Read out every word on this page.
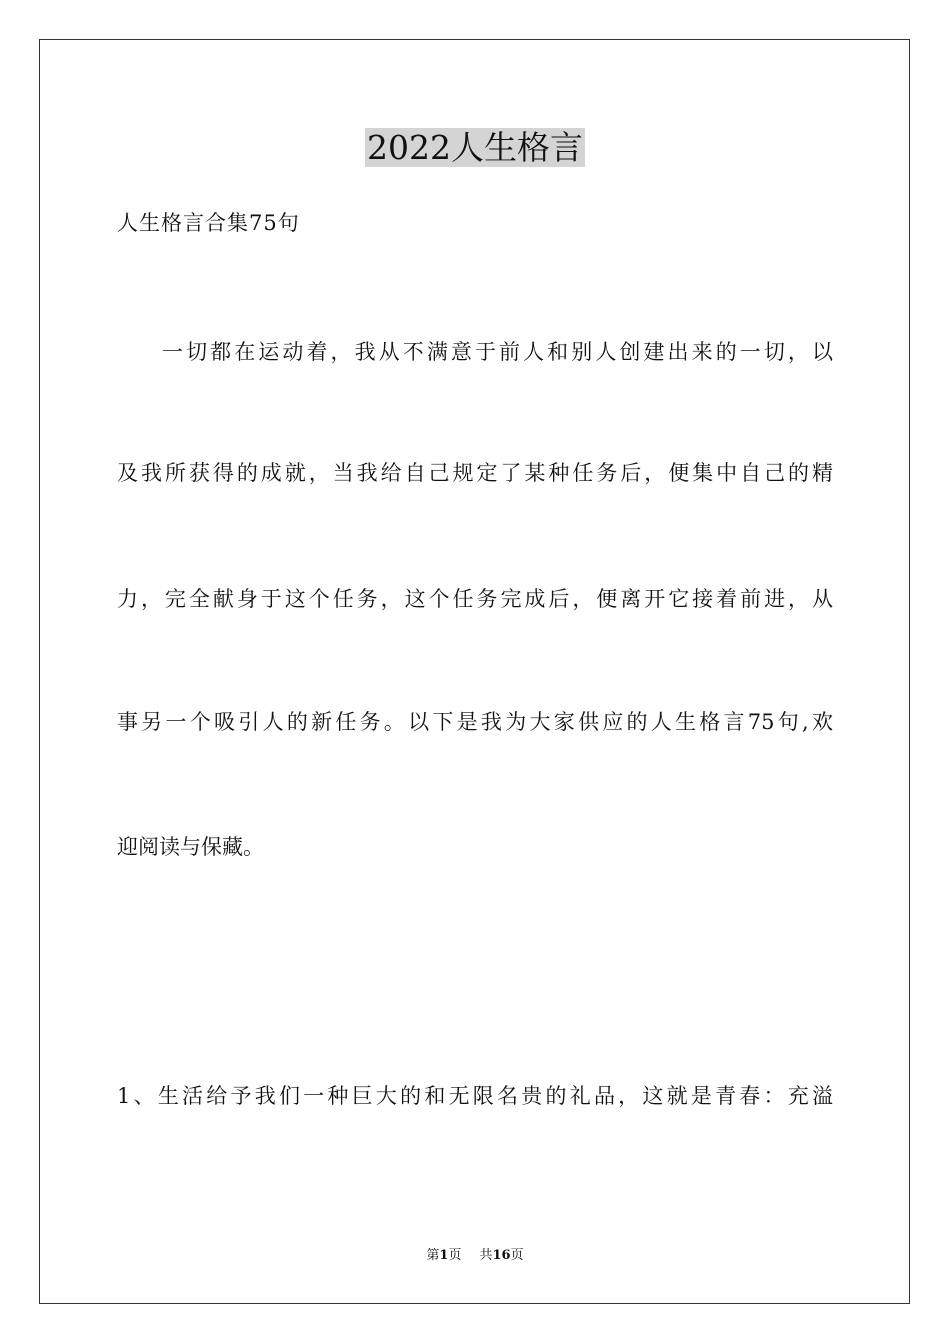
2022人生格言
人生格言合集75句
一切都在运动着，我从不满意于前人和别人创建出来的一切，以
及我所获得的成就，当我给自己规定了某种任务后，便集中自己的精
力，完全献身于这个任务，这个任务完成后，便离开它接着前进，从
事另一个吸引人的新任务。以下是我为大家供应的人生格言75句,欢
迎阅读与保藏。
1、生活给予我们一种巨大的和无限名贵的礼品，这就是青春：充溢
第1页 共16页
